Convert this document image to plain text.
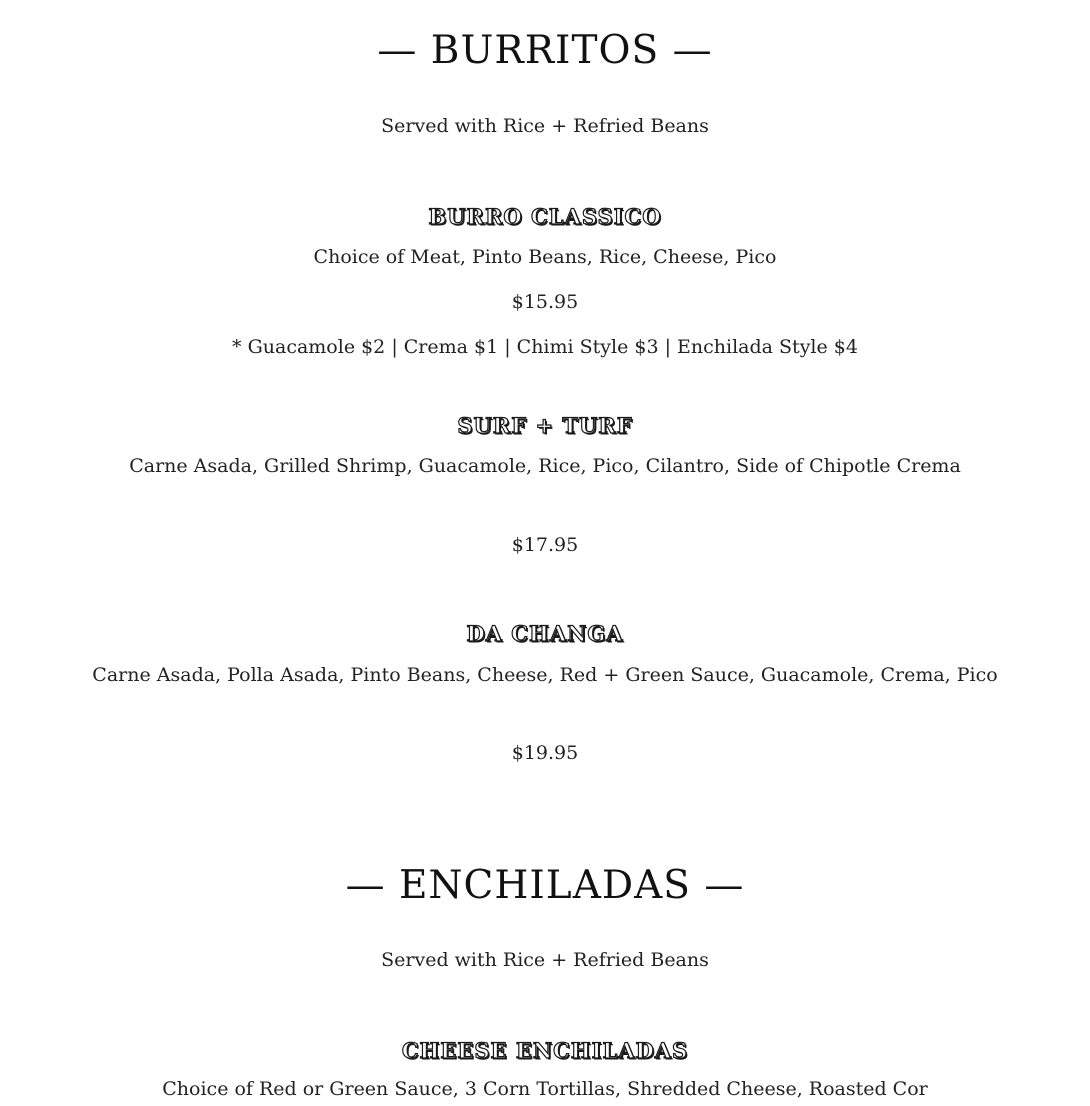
— BURRITOS —
Served with Rice + Refried Beans
BURRO CLASSICO
Choice of Meat, Pinto Beans, Rice, Cheese, Pico
$15.95
* Guacamole $2 | Crema $1 | Chimi Style $3 | Enchilada Style $4
SURF + TURF
Carne Asada, Grilled Shrimp, Guacamole, Rice, Pico, Cilantro, Side of Chipotle Crema
$17.95
DA CHANGA
Carne Asada, Polla Asada, Pinto Beans, Cheese, Red + Green Sauce, Guacamole, Crema, Pico
$19.95
— ENCHILADAS —
Served with Rice + Refried Beans
CHEESE ENCHILADAS
Choice of Red or Green Sauce, 3 Corn Tortillas, Shredded Cheese, Roasted Cor
